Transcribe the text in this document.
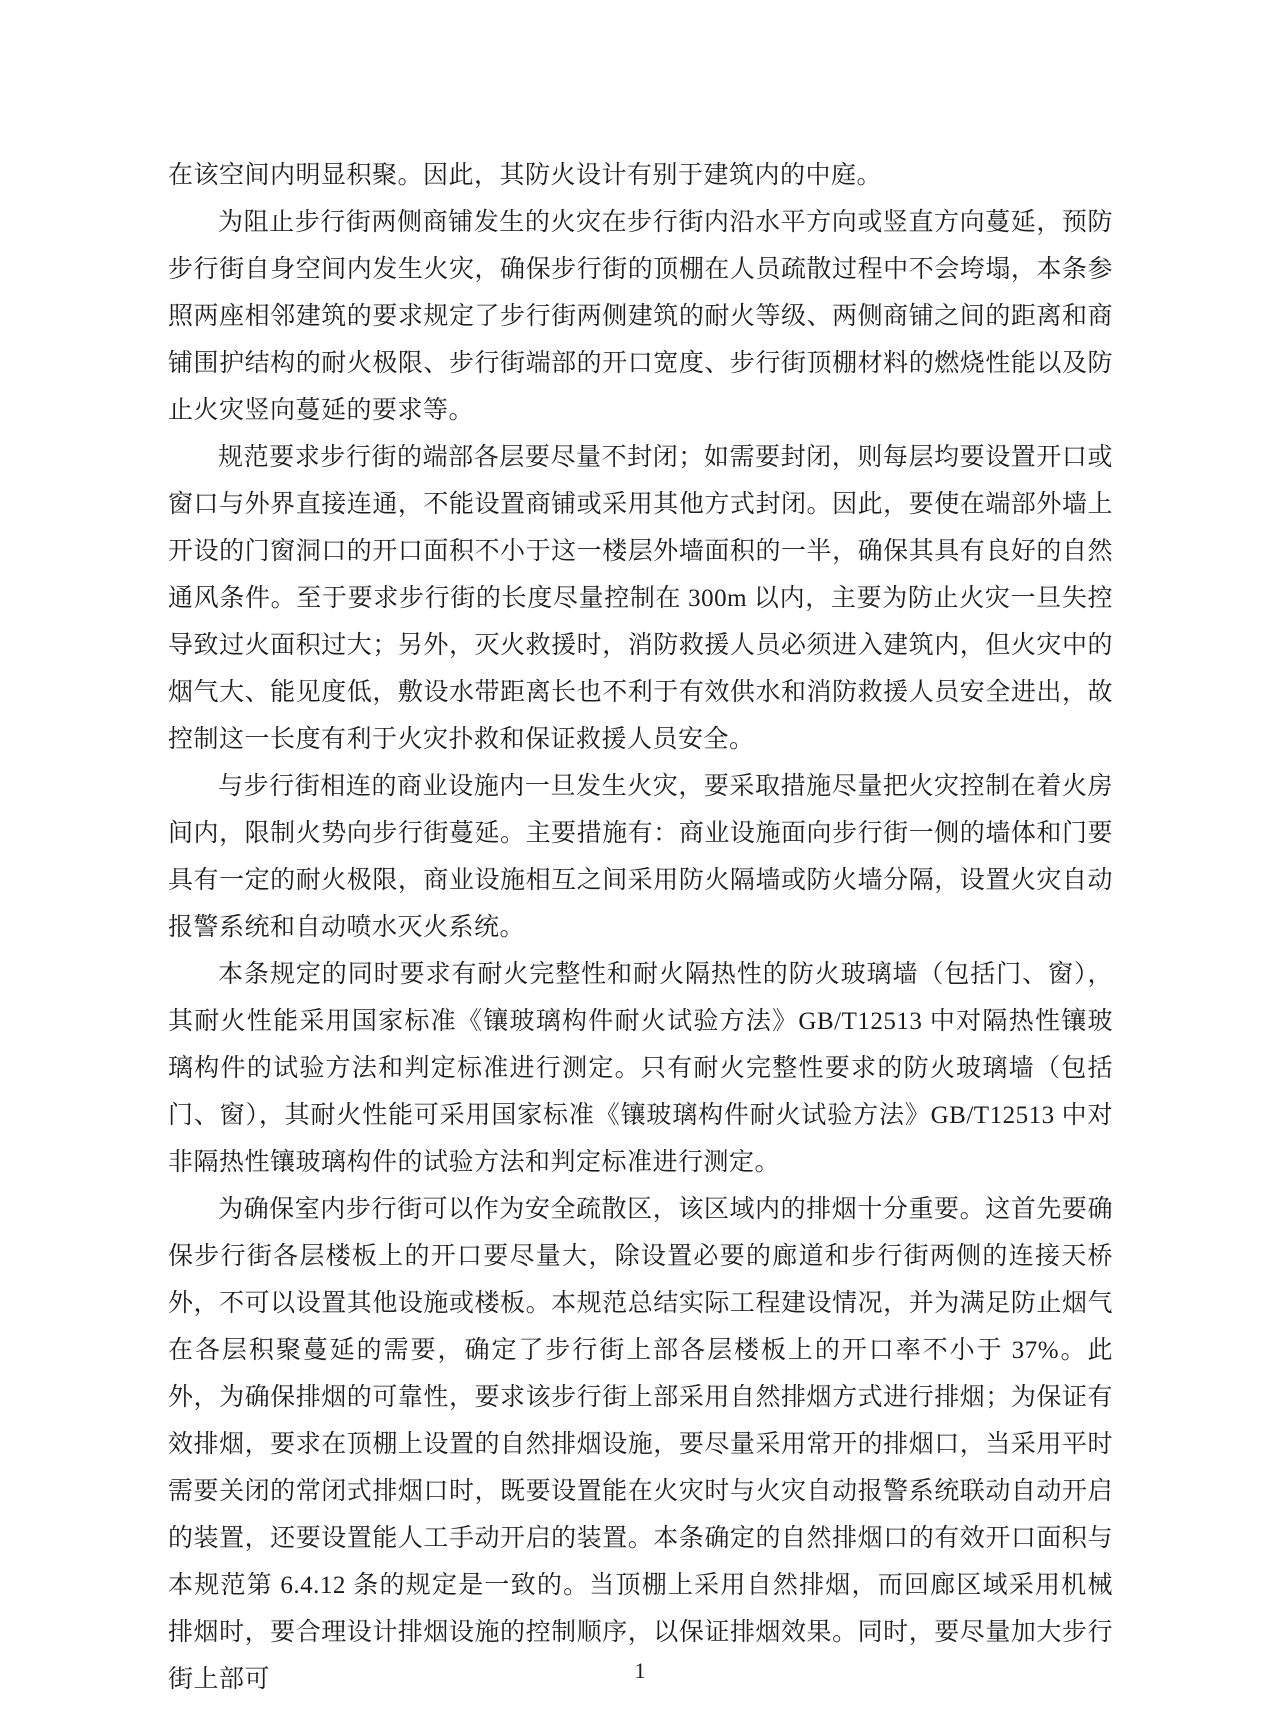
在该空间内明显积聚。因此，其防火设计有别于建筑内的中庭。

为阻止步行街两侧商铺发生的火灾在步行街内沿水平方向或竖直方向蔓延，预防步行街自身空间内发生火灾，确保步行街的顶棚在人员疏散过程中不会垮塌，本条参照两座相邻建筑的要求规定了步行街两侧建筑的耐火等级、两侧商铺之间的距离和商铺围护结构的耐火极限、步行街端部的开口宽度、步行街顶棚材料的燃烧性能以及防止火灾竖向蔓延的要求等。

规范要求步行街的端部各层要尽量不封闭；如需要封闭，则每层均要设置开口或窗口与外界直接连通，不能设置商铺或采用其他方式封闭。因此，要使在端部外墙上开设的门窗洞口的开口面积不小于这一楼层外墙面积的一半，确保其具有良好的自然通风条件。至于要求步行街的长度尽量控制在 300m 以内，主要为防止火灾一旦失控导致过火面积过大；另外，灭火救援时，消防救援人员必须进入建筑内，但火灾中的烟气大、能见度低，敷设水带距离长也不利于有效供水和消防救援人员安全进出，故控制这一长度有利于火灾扑救和保证救援人员安全。

与步行街相连的商业设施内一旦发生火灾，要采取措施尽量把火灾控制在着火房间内，限制火势向步行街蔓延。主要措施有：商业设施面向步行街一侧的墙体和门要具有一定的耐火极限，商业设施相互之间采用防火隔墙或防火墙分隔，设置火灾自动报警系统和自动喷水灭火系统。

本条规定的同时要求有耐火完整性和耐火隔热性的防火玻璃墙（包括门、窗），其耐火性能采用国家标准《镶玻璃构件耐火试验方法》GB/T12513 中对隔热性镶玻璃构件的试验方法和判定标准进行测定。只有耐火完整性要求的防火玻璃墙（包括门、窗），其耐火性能可采用国家标准《镶玻璃构件耐火试验方法》GB/T12513 中对非隔热性镶玻璃构件的试验方法和判定标准进行测定。

为确保室内步行街可以作为安全疏散区，该区域内的排烟十分重要。这首先要确保步行街各层楼板上的开口要尽量大，除设置必要的廊道和步行街两侧的连接天桥外，不可以设置其他设施或楼板。本规范总结实际工程建设情况，并为满足防止烟气在各层积聚蔓延的需要，确定了步行街上部各层楼板上的开口率不小于 37%。此外，为确保排烟的可靠性，要求该步行街上部采用自然排烟方式进行排烟；为保证有效排烟，要求在顶棚上设置的自然排烟设施，要尽量采用常开的排烟口，当采用平时需要关闭的常闭式排烟口时，既要设置能在火灾时与火灾自动报警系统联动自动开启的装置，还要设置能人工手动开启的装置。本条确定的自然排烟口的有效开口面积与本规范第 6.4.12 条的规定是一致的。当顶棚上采用自然排烟，而回廊区域采用机械排烟时，要合理设计排烟设施的控制顺序，以保证排烟效果。同时，要尽量加大步行街上部可	1
